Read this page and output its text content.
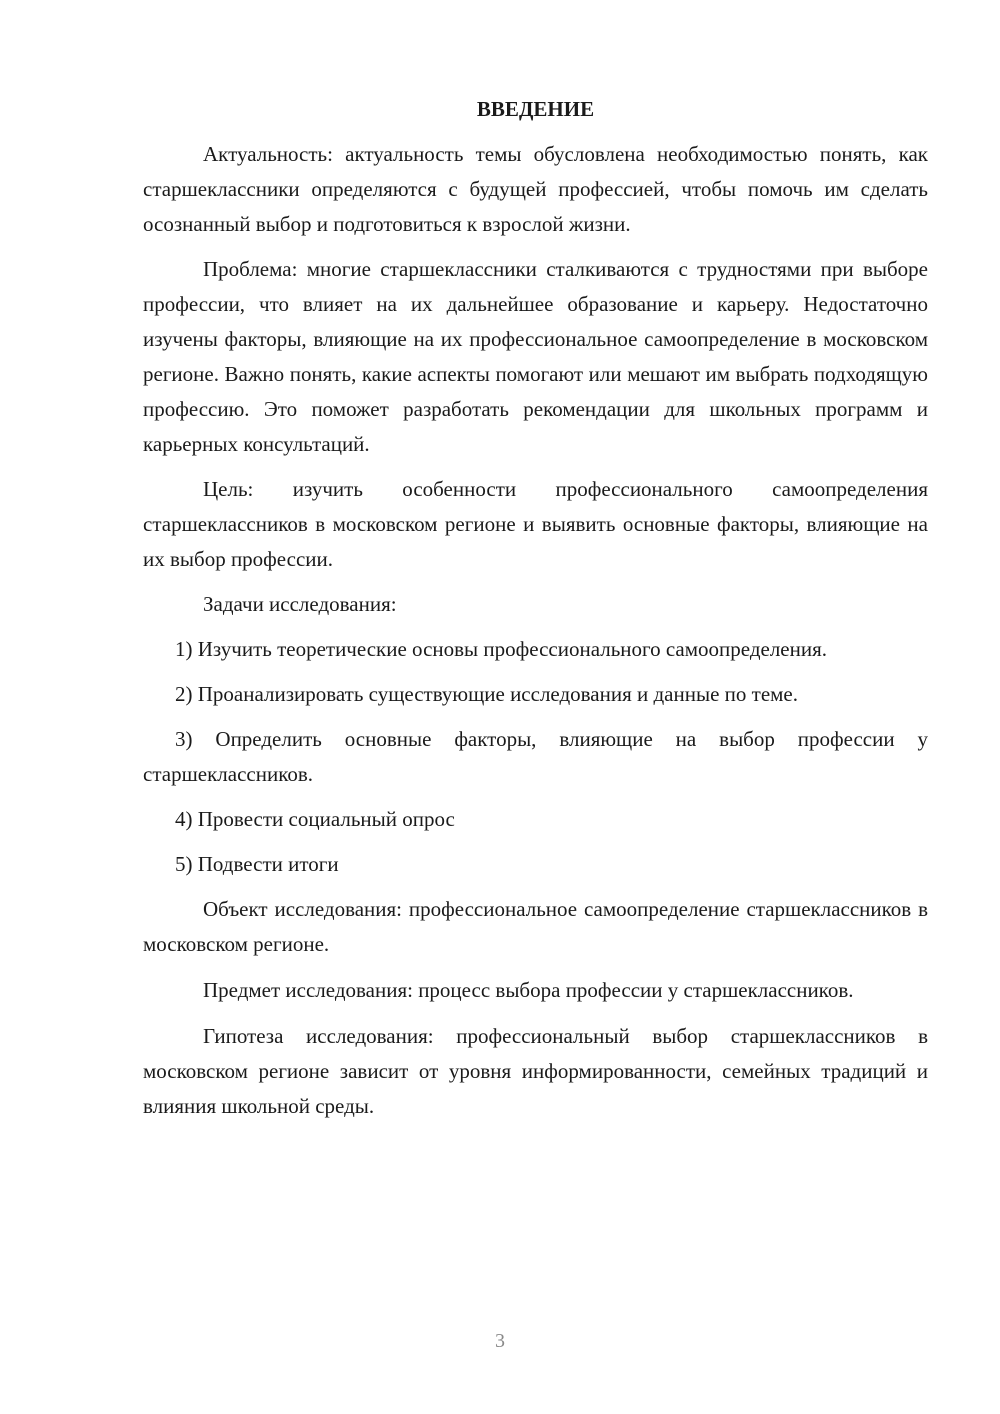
ВВЕДЕНИЕ

Актуальность: актуальность темы обусловлена необходимостью понять, как старшеклассники определяются с будущей профессией, чтобы помочь им сделать осознанный выбор и подготовиться к взрослой жизни.

Проблема: многие старшеклассники сталкиваются с трудностями при выборе профессии, что влияет на их дальнейшее образование и карьеру. Недостаточно изучены факторы, влияющие на их профессиональное самоопределение в московском регионе. Важно понять, какие аспекты помогают или мешают им выбрать подходящую профессию. Это поможет разработать рекомендации для школьных программ и карьерных консультаций.

Цель: изучить особенности профессионального самоопределения старшеклассников в московском регионе и выявить основные факторы, влияющие на их выбор профессии.

Задачи исследования:

1) Изучить теоретические основы профессионального самоопределения.

2) Проанализировать существующие исследования и данные по теме.

3) Определить основные факторы, влияющие на выбор профессии у старшеклассников.

4) Провести социальный опрос

5) Подвести итоги

Объект исследования: профессиональное самоопределение старшеклассников в московском регионе.

Предмет исследования: процесс выбора профессии у старшеклассников.

Гипотеза исследования: профессиональный выбор старшеклассников в московском регионе зависит от уровня информированности, семейных традиций и влияния школьной среды.

3
